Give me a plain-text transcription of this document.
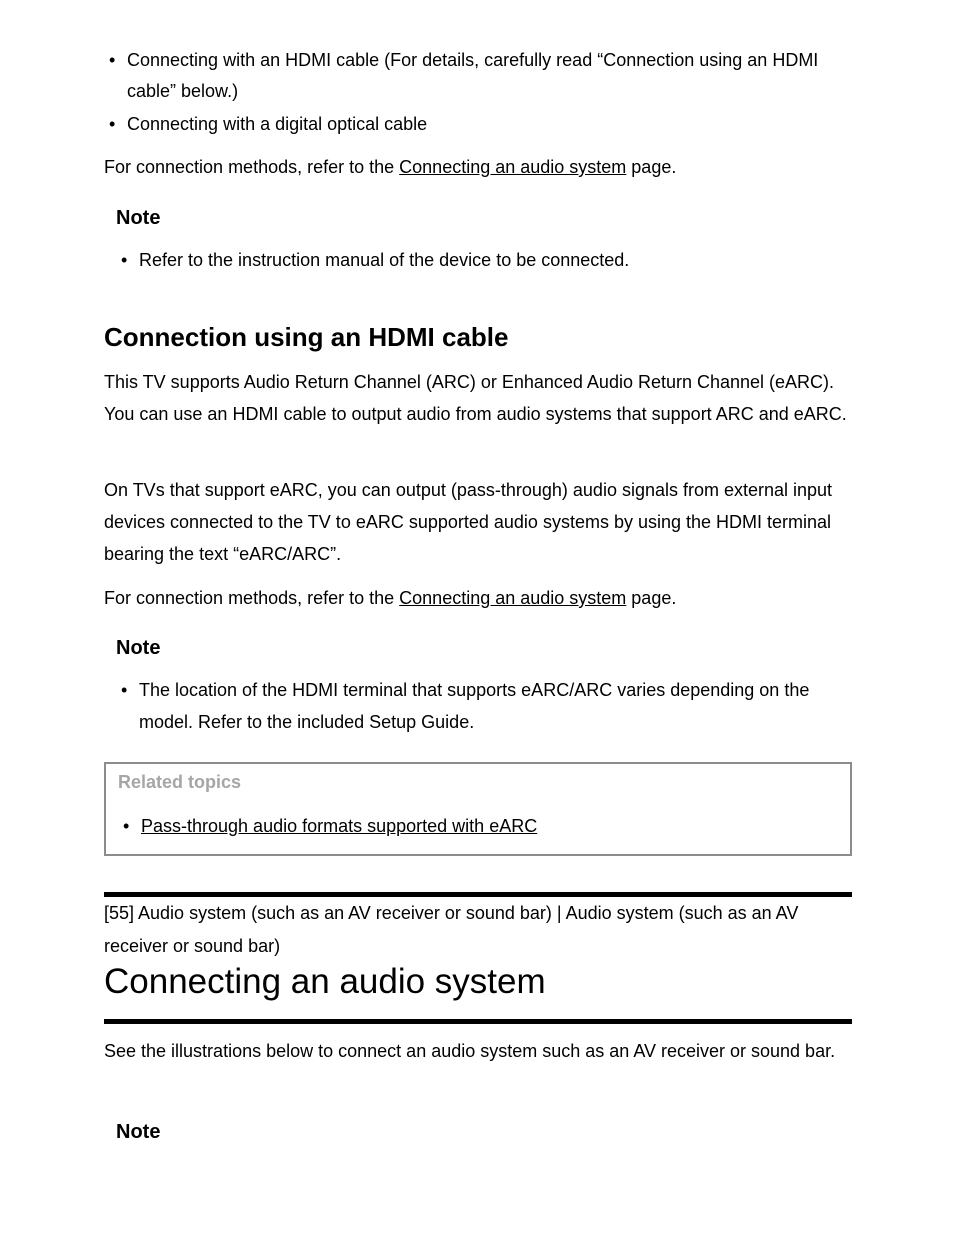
• Connecting with an HDMI cable (For details, carefully read “Connection using an HDMI cable” below.)
• Connecting with a digital optical cable

For connection methods, refer to the Connecting an audio system page.

Note
• Refer to the instruction manual of the device to be connected.
Connection using an HDMI cable

This TV supports Audio Return Channel (ARC) or Enhanced Audio Return Channel (eARC). You can use an HDMI cable to output audio from audio systems that support ARC and eARC.

On TVs that support eARC, you can output (pass-through) audio signals from external input devices connected to the TV to eARC supported audio systems by using the HDMI terminal bearing the text “eARC/ARC”.

For connection methods, refer to the Connecting an audio system page.

Note
• The location of the HDMI terminal that supports eARC/ARC varies depending on the model. Refer to the included Setup Guide.
Related topics
• Pass-through audio formats supported with eARC

[55] Audio system (such as an AV receiver or sound bar) | Audio system (such as an AV receiver or sound bar)

Connecting an audio system

See the illustrations below to connect an audio system such as an AV receiver or sound bar.

Note
